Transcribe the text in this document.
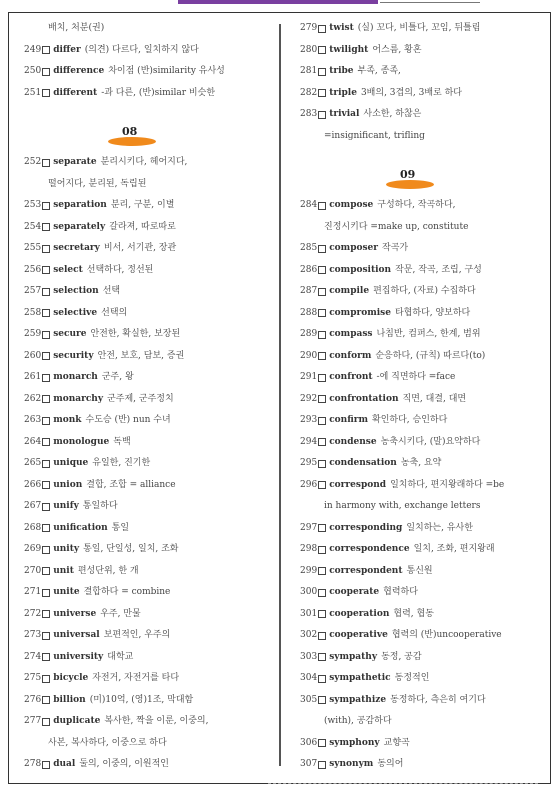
배치, 처분(권)
249 differ (의견) 다르다, 일치하지 않다
250 difference 차이점 (반)similarity 유사성
251 different -과 다른, (반)similar 비슷한
08
252 separate 분리시키다, 헤어지다,
떨어지다, 분리된, 독립된
253 separation 분리, 구분, 이별
254 separately 갈라져, 따로따로
255 secretary 비서, 서기관, 장관
256 select 선택하다, 정선된
257 selection 선택
258 selective 선택의
259 secure 안전한, 확실한, 보장된
260 security 안전, 보호, 담보, 증권
261 monarch 군주, 왕
262 monarchy 군주제, 군주정치
263 monk 수도승 (반) nun 수녀
264 monologue 독백
265 unique 유일한, 진기한
266 union 결합, 조합 = alliance
267 unify 통일하다
268 unification 통일
269 unity 통일, 단일성, 일치, 조화
270 unit 편성단위, 한 개
271 unite 결합하다 = combine
272 universe 우주, 만물
273 universal 보편적인, 우주의
274 university 대학교
275 bicycle 자전거, 자전거를 타다
276 billion (미)10억, (영)1조, 막대함
277 duplicate 복사한, 짝을 이룬, 이중의,
사본, 복사하다, 이중으로 하다
278 dual 둘의, 이중의, 이원적인
279 twist (실) 꼬다, 비틀다, 꼬임, 뒤틀림
280 twilight 어스름, 황혼
281 tribe 부족, 종족,
282 triple 3배의, 3겹의, 3배로 하다
283 trivial 사소한, 하찮은
=insignificant, trifling
09
284 compose 구성하다, 작곡하다,
진정시키다 =make up, constitute
285 composer 작곡가
286 composition 작문, 작곡, 조립, 구성
287 compile 편집하다, (자료) 수집하다
288 compromise 타협하다, 양보하다
289 compass 나침반, 컴퍼스, 한계, 범위
290 conform 순응하다, (규칙) 따르다(to)
291 confront -에 직면하다 =face
292 confrontation 직면, 대결, 대면
293 confirm 확인하다, 승인하다
294 condense 농축시키다, (말)요약하다
295 condensation 농축, 요약
296 correspond 일치하다, 편지왕래하다 =be
in harmony with, exchange letters
297 corresponding 일치하는, 유사한
298 correspondence 일치, 조화, 편지왕래
299 correspondent 통신원
300 cooperate 협력하다
301 cooperation 협력, 협동
302 cooperative 협력의 (반)uncooperative
303 sympathy 동정, 공감
304 sympathetic 동정적인
305 sympathize 동정하다, 측은히 여기다
(with), 공감하다
306 symphony 교향곡
307 synonym 동의어
